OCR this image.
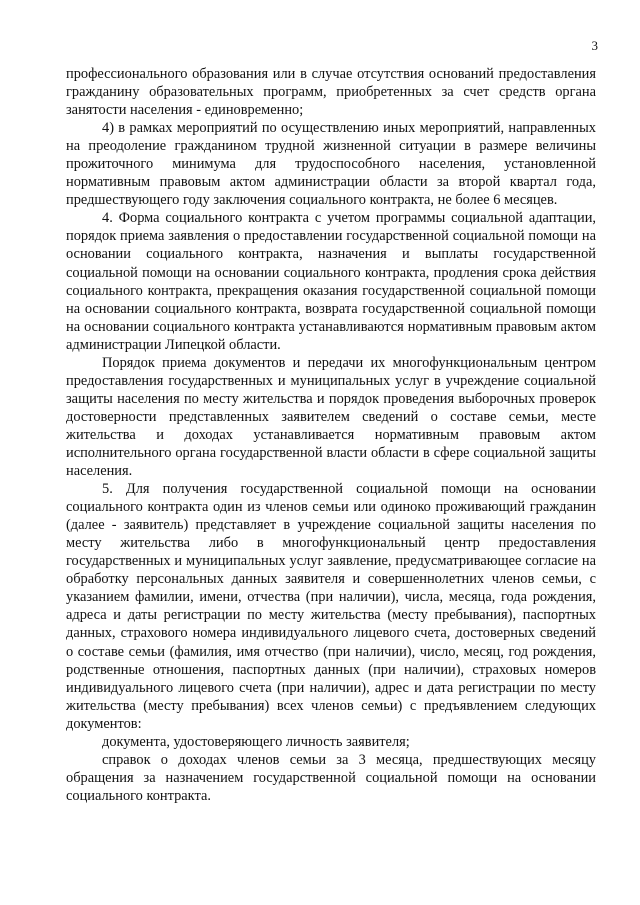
3

профессионального образования или в случае отсутствия оснований предоставления гражданину образовательных программ, приобретенных за счет средств органа занятости населения - единовременно;

4) в рамках мероприятий по осуществлению иных мероприятий, направленных на преодоление гражданином трудной жизненной ситуации в размере величины прожиточного минимума для трудоспособного населения, установленной нормативным правовым актом администрации области за второй квартал года, предшествующего году заключения социального контракта, не более 6 месяцев.

4. Форма социального контракта с учетом программы социальной адаптации, порядок приема заявления о предоставлении государственной социальной помощи на основании социального контракта, назначения и выплаты государственной социальной помощи на основании социального контракта, продления срока действия социального контракта, прекращения оказания государственной социальной помощи на основании социального контракта, возврата государственной социальной помощи на основании социального контракта устанавливаются нормативным правовым актом администрации Липецкой области.

Порядок приема документов и передачи их многофункциональным центром предоставления государственных и муниципальных услуг в учреждение социальной защиты населения по месту жительства и порядок проведения выборочных проверок достоверности представленных заявителем сведений о составе семьи, месте жительства и доходах устанавливается нормативным правовым актом исполнительного органа государственной власти области в сфере социальной защиты населения.

5. Для получения государственной социальной помощи на основании социального контракта один из членов семьи или одиноко проживающий гражданин (далее - заявитель) представляет в учреждение социальной защиты населения по месту жительства либо в многофункциональный центр предоставления государственных и муниципальных услуг заявление, предусматривающее согласие на обработку персональных данных заявителя и совершеннолетних членов семьи, с указанием фамилии, имени, отчества (при наличии), числа, месяца, года рождения, адреса и даты регистрации по месту жительства (месту пребывания), паспортных данных, страхового номера индивидуального лицевого счета, достоверных сведений о составе семьи (фамилия, имя отчество (при наличии), число, месяц, год рождения, родственные отношения, паспортных данных (при наличии), страховых номеров индивидуального лицевого счета (при наличии), адрес и дата регистрации по месту жительства (месту пребывания) всех членов семьи) с предъявлением следующих документов:

документа, удостоверяющего личность заявителя;

справок о доходах членов семьи за 3 месяца, предшествующих месяцу обращения за назначением государственной социальной помощи на основании социального контракта.
